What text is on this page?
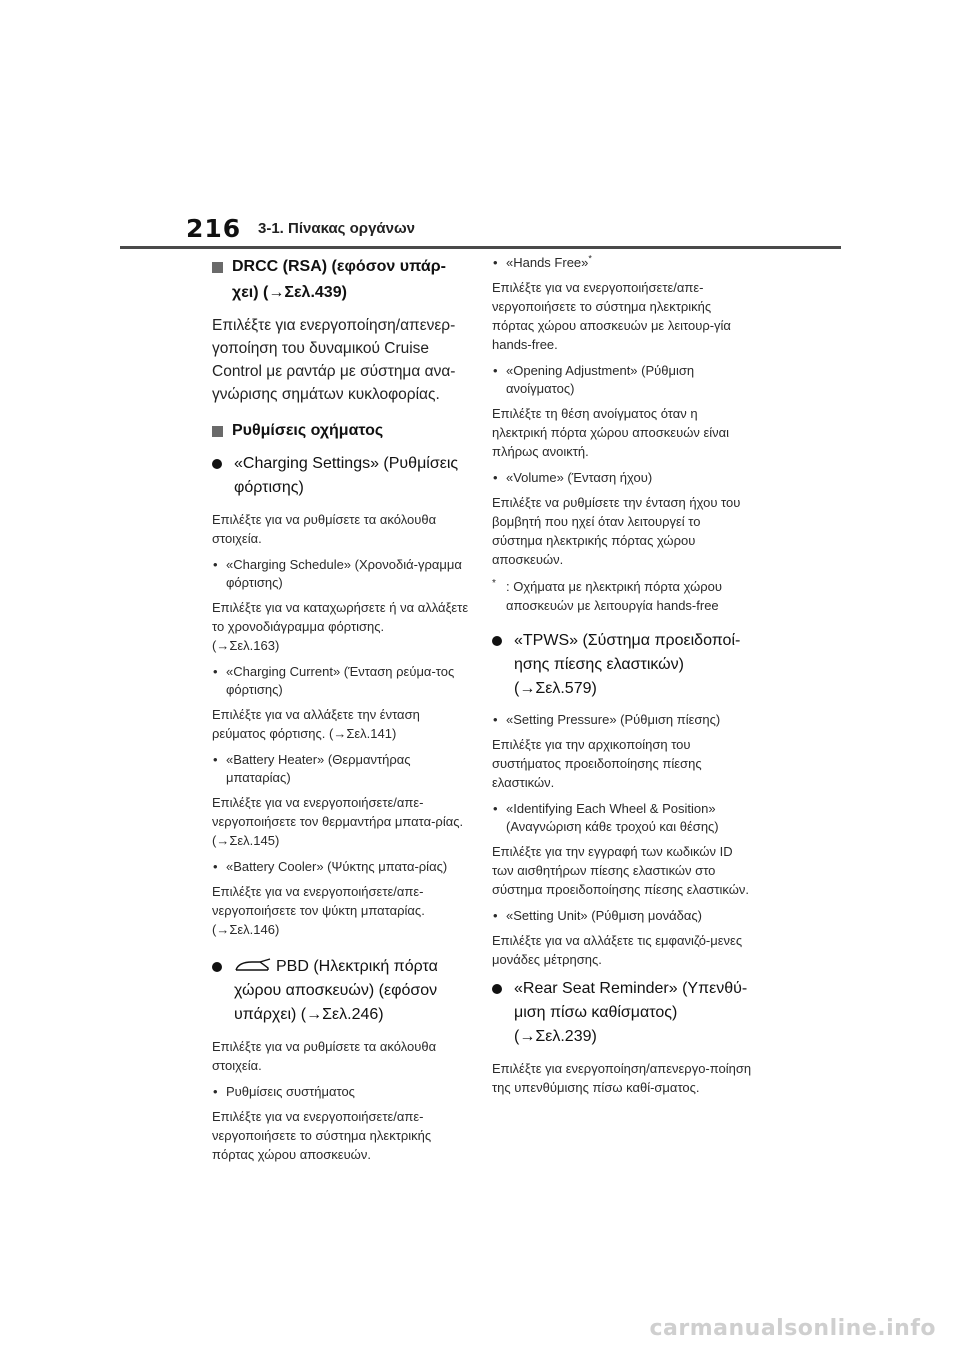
216 3-1. Πίνακας οργάνων
DRCC (RSA) (εφόσον υπάρ-
χει) (→Σελ.439)

Επιλέξτε για ενεργοποίηση/απενερ-γοποίηση του δυναμικού Cruise Control με ραντάρ με σύστημα ανα-γνώρισης σημάτων κυκλοφορίας.

Ρυθμίσεις οχήματος
«Charging Settings» (Ρυθμίσεις φόρτισης)

Επιλέξτε για να ρυθμίσετε τα ακόλουθα στοιχεία.

• «Charging Schedule» (Χρονοδιά-γραμμα φόρτισης)

Επιλέξτε για να καταχωρήσετε ή να αλλάξετε το χρονοδιάγραμμα φόρτισης.
(→Σελ.163)

• «Charging Current» (Ένταση ρεύμα-τος φόρτισης)

Επιλέξτε για να αλλάξετε την ένταση ρεύματος φόρτισης. (→Σελ.141)

• «Battery Heater» (Θερμαντήρας μπαταρίας)

Επιλέξτε για να ενεργοποιήσετε/απε-νεργοποιήσετε τον θερμαντήρα μπατα-ρίας. (→Σελ.145)

• «Battery Cooler» (Ψύκτης μπατα-ρίας)

Επιλέξτε για να ενεργοποιήσετε/απε-νεργοποιήσετε τον ψύκτη μπαταρίας.
(→Σελ.146)

PBD (Ηλεκτρική πόρτα χώρου αποσκευών) (εφόσον υπάρχει) (→Σελ.246)

Επιλέξτε για να ρυθμίσετε τα ακόλουθα στοιχεία.

• Ρυθμίσεις συστήματος

Επιλέξτε για να ενεργοποιήσετε/απε-νεργοποιήσετε το σύστημα ηλεκτρικής πόρτας χώρου αποσκευών.

• «Hands Free»*

Επιλέξτε για να ενεργοποιήσετε/απε-νεργοποιήσετε το σύστημα ηλεκτρικής πόρτας χώρου αποσκευών με λειτουρ-γία hands-free.

• «Opening Adjustment» (Ρύθμιση ανοίγματος)

Επιλέξτε τη θέση ανοίγματος όταν η ηλεκτρική πόρτα χώρου αποσκευών είναι πλήρως ανοικτή.

• «Volume» (Ένταση ήχου)

Επιλέξτε να ρυθμίσετε την ένταση ήχου του βομβητή που ηχεί όταν λειτουργεί το σύστημα ηλεκτρικής πόρτας χώρου αποσκευών.

* : Οχήματα με ηλεκτρική πόρτα χώρου αποσκευών με λειτουργία hands-free
«TPWS» (Σύστημα προειδοποί-ησης πίεσης ελαστικών) (→Σελ.579)
• «Setting Pressure» (Ρύθμιση πίεσης)

Επιλέξτε για την αρχικοποίηση του συστήματος προειδοποίησης πίεσης ελαστικών.

• «Identifying Each Wheel & Position» (Αναγνώριση κάθε τροχού και θέσης)

Επιλέξτε για την εγγραφή των κωδικών ID των αισθητήρων πίεσης ελαστικών στο σύστημα προειδοποίησης πίεσης ελαστικών.

• «Setting Unit» (Ρύθμιση μονάδας)

Επιλέξτε για να αλλάξετε τις εμφανιζό-μενες μονάδες μέτρησης.

«Rear Seat Reminder» (Υπενθύ-μιση πίσω καθίσματος) (→Σελ.239)

Επιλέξτε για ενεργοποίηση/απενεργο-ποίηση της υπενθύμισης πίσω καθί-σματος.

carmanualsonline.info
